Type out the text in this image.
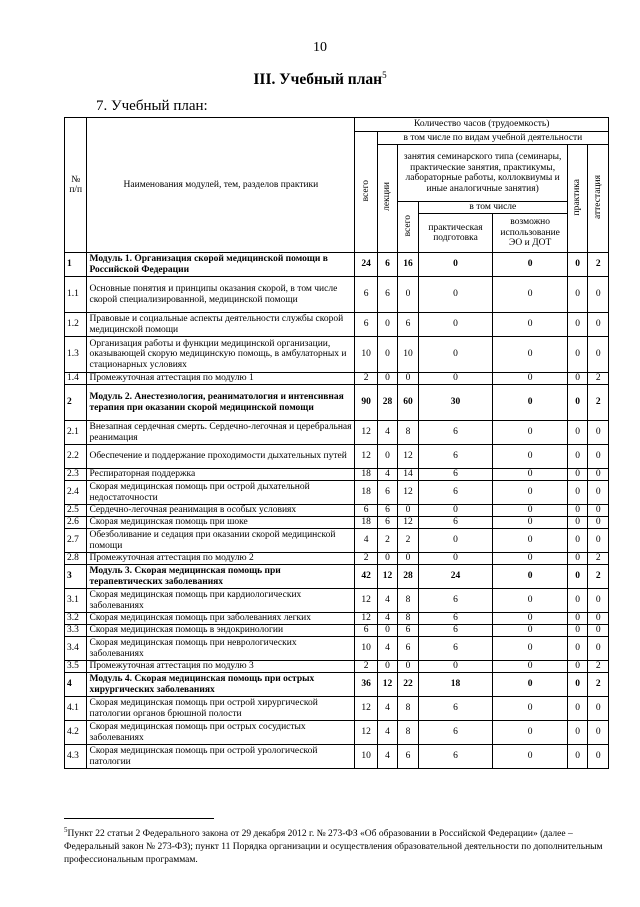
10
III. Учебный план$^5$
7. Учебный план:
№ п/п	Наименования модулей, тем, разделов практики	Количество часов (трудоемкость)						
		всего	в том числе по видам учебной деятельности					
			лекции	занятия семинарского типа (семинары, практические занятия, практикумы, лабораторные работы, коллоквиумы и иные аналогичные занятия)			практика	аттестация
				всего	в том числе			
					практическая подготовка	возможно использование ЭО и ДОТ		
1	Модуль 1. Организация скорой медицинской помощи в Российской Федерации	24	6	16	0	0	0	2
1.1	Основные понятия и принципы оказания скорой, в том числе скорой специализированной, медицинской помощи	6	6	0	0	0	0	0
1.2	Правовые и социальные аспекты деятельности службы скорой медицинской помощи	6	0	6	0	0	0	0
1.3	Организация работы и функции медицинской организации, оказывающей скорую медицинскую помощь, в амбулаторных и стационарных условиях	10	0	10	0	0	0	0
1.4	Промежуточная аттестация по модулю 1	2	0	0	0	0	0	2
2	Модуль 2. Анестезиология, реаниматология и интенсивная терапия при оказании скорой медицинской помощи	90	28	60	30	0	0	2
2.1	Внезапная сердечная смерть. Сердечно-легочная и церебральная реанимация	12	4	8	6	0	0	0
2.2	Обеспечение и поддержание проходимости дыхательных путей	12	0	12	6	0	0	0
2.3	Респираторная поддержка	18	4	14	6	0	0	0
2.4	Скорая медицинская помощь при острой дыхательной недостаточности	18	6	12	6	0	0	0
2.5	Сердечно-легочная реанимация в особых условиях	6	6	0	0	0	0	0
2.6	Скорая медицинская помощь при шоке	18	6	12	6	0	0	0
2.7	Обезболивание и седация при оказании скорой медицинской помощи	4	2	2	0	0	0	0
2.8	Промежуточная аттестация по модулю 2	2	0	0	0	0	0	2
3	Модуль 3. Скорая медицинская помощь при терапевтических заболеваниях	42	12	28	24	0	0	2
3.1	Скорая медицинская помощь при кардиологических заболеваниях	12	4	8	6	0	0	0
3.2	Скорая медицинская помощь при заболеваниях легких	12	4	8	6	0	0	0
3.3	Скорая медицинская помощь в эндокринологии	6	0	6	6	0	0	0
3.4	Скорая медицинская помощь при неврологических заболеваниях	10	4	6	6	0	0	0
3.5	Промежуточная аттестация по модулю 3	2	0	0	0	0	0	2
4	Модуль 4. Скорая медицинская помощь при острых хирургических заболеваниях	36	12	22	18	0	0	2
4.1	Скорая медицинская помощь при острой хирургической патологии органов брюшной полости	12	4	8	6	0	0	0
4.2	Скорая медицинская помощь при острых сосудистых заболеваниях	12	4	8	6	0	0	0
4.3	Скорая медицинская помощь при острой урологической патологии	10	4	6	6	0	0	0
$^5$Пункт 22 статьи 2 Федерального закона от 29 декабря 2012 г. № 273-ФЗ «Об образовании в Российской Федерации» (далее – Федеральный закон № 273-ФЗ); пункт 11 Порядка организации и осуществления образовательной деятельности по дополнительным профессиональным программам.
